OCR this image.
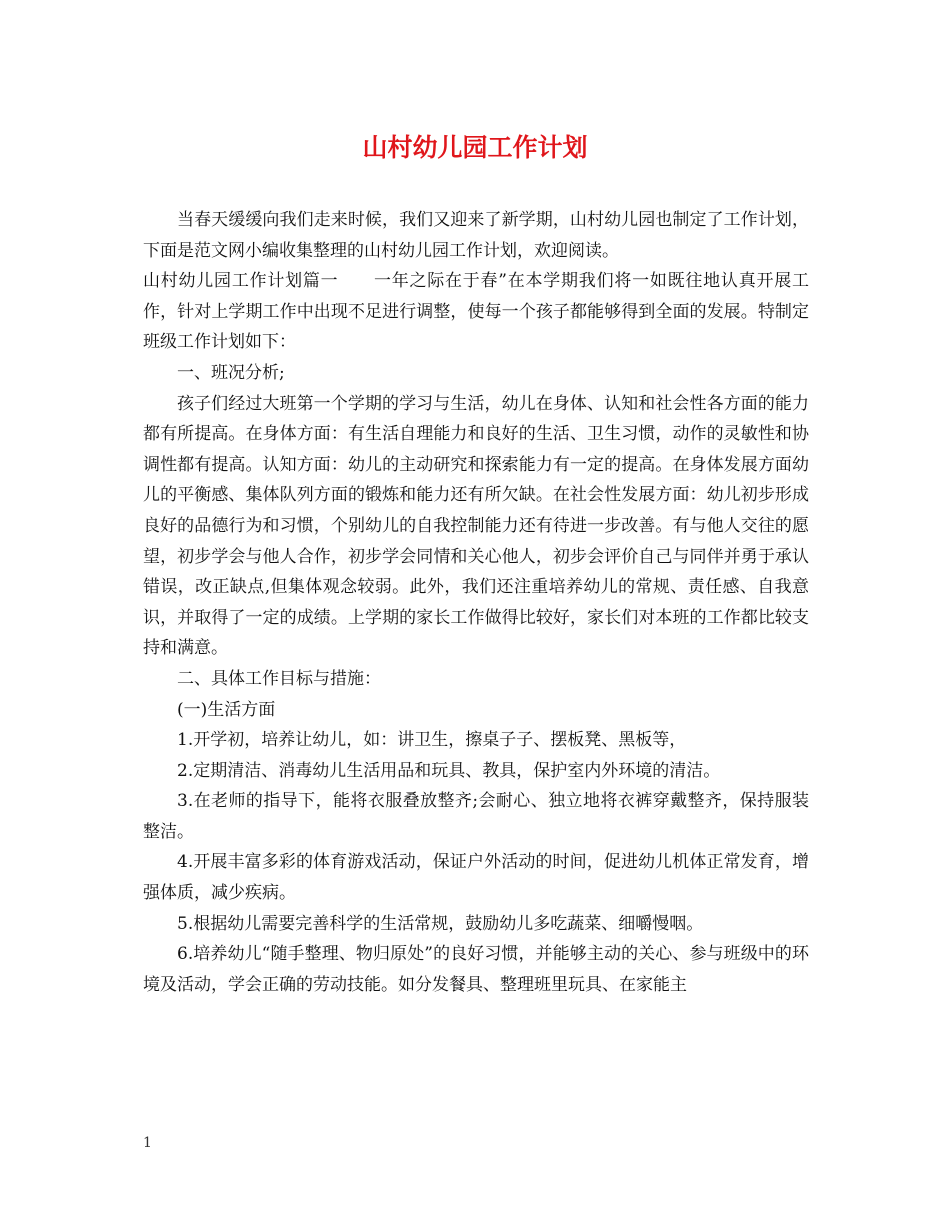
山村幼儿园工作计划

当春天缓缓向我们走来时候，我们又迎来了新学期，山村幼儿园也制定了工作计划，下面是范文网小编收集整理的山村幼儿园工作计划，欢迎阅读。

山村幼儿园工作计划篇一　　一年之际在于春”在本学期我们将一如既往地认真开展工作，针对上学期工作中出现不足进行调整，使每一个孩子都能够得到全面的发展。特制定班级工作计划如下：

一、班况分析;

孩子们经过大班第一个学期的学习与生活，幼儿在身体、认知和社会性各方面的能力都有所提高。在身体方面：有生活自理能力和良好的生活、卫生习惯，动作的灵敏性和协调性都有提高。认知方面：幼儿的主动研究和探索能力有一定的提高。在身体发展方面幼儿的平衡感、集体队列方面的锻炼和能力还有所欠缺。在社会性发展方面：幼儿初步形成良好的品德行为和习惯，个别幼儿的自我控制能力还有待进一步改善。有与他人交往的愿望，初步学会与他人合作，初步学会同情和关心他人，初步会评价自己与同伴并勇于承认错误，改正缺点,但集体观念较弱。此外，我们还注重培养幼儿的常规、责任感、自我意识，并取得了一定的成绩。上学期的家长工作做得比较好，家长们对本班的工作都比较支持和满意。

二、具体工作目标与措施：

(一)生活方面

1.开学初，培养让幼儿，如：讲卫生，擦桌子子、摆板凳、黑板等，

2.定期清洁、消毒幼儿生活用品和玩具、教具，保护室内外环境的清洁。

3.在老师的指导下，能将衣服叠放整齐;会耐心、独立地将衣裤穿戴整齐，保持服装整洁。

4.开展丰富多彩的体育游戏活动，保证户外活动的时间，促进幼儿机体正常发育，增强体质，减少疾病。

5.根据幼儿需要完善科学的生活常规，鼓励幼儿多吃蔬菜、细嚼慢咽。

6.培养幼儿“随手整理、物归原处”的良好习惯，并能够主动的关心、参与班级中的环境及活动，学会正确的劳动技能。如分发餐具、整理班里玩具、在家能主

1
